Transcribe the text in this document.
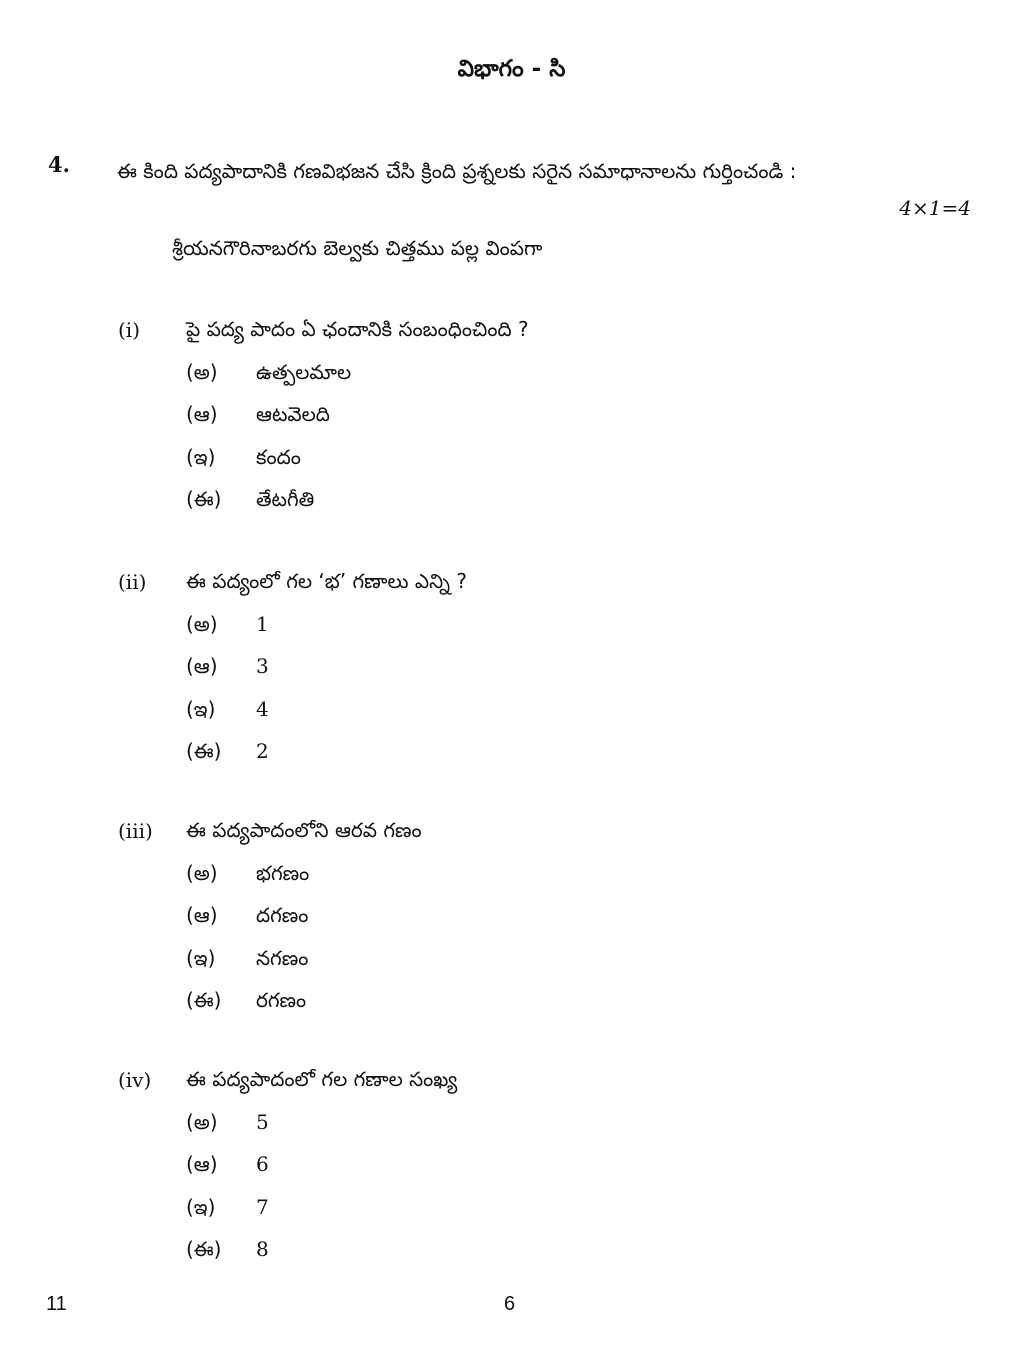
విభాగం - సి
4. ఈ కింది పద్యపాదానికి గణవిభజన చేసి క్రింది ప్రశ్నలకు సరైన సమాధానాలను గుర్తించండి :
4×1=4
శ్రీయనగౌరినాబరగు బెల్వకు చిత్తము పల్ల వింపగా
(i) పై పద్య పాదం ఏ ఛందానికి సంబంధించింది ?
(అ) ఉత్పలమాల
(ఆ) ఆటవెలది
(ఇ) కందం
(ఈ) తేటగీతి
(ii) ఈ పద్యంలో గల ‘భ’ గణాలు ఎన్ని ?
(అ) 1
(ఆ) 3
(ఇ) 4
(ఈ) 2
(iii) ఈ పద్యపాదంలోని ఆరవ గణం
(అ) భగణం
(ఆ) దగణం
(ఇ) నగణం
(ఈ) రగణం
(iv) ఈ పద్యపాదంలో గల గణాల సంఖ్య
(అ) 5
(ఆ) 6
(ఇ) 7
(ఈ) 8
11	6
